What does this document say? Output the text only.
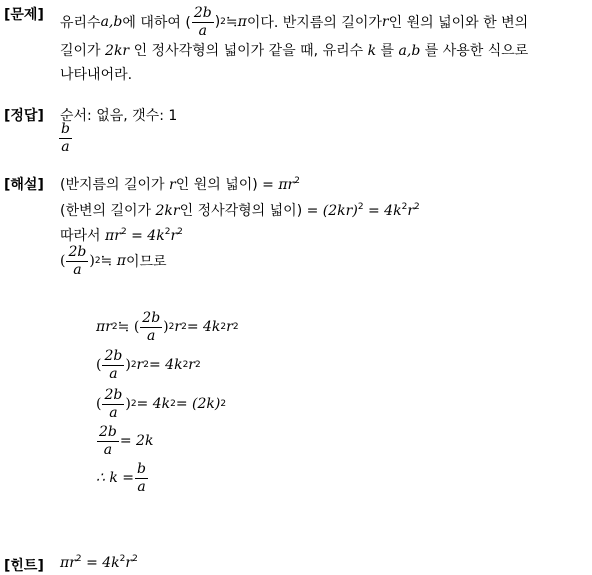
[문제] 유리수 a,b 에 대하여 ( $\frac{2b}{a}$ ) 2 ≒ π 이다. 반지름의 길이가 r 인 원의 넓이와 한 변의
길이가 2kr 인 정사각형의 넓이가 같을 때, 유리수 k 를 a,b 를 사용한 식으로
나타내어라.
[정답] 순서: 없음, 갯수: 1
$\frac{b}{a}$
[해설] (반지름의 길이가 r인 원의 넓이) = $\pi r^2$
(한변의 길이가 2kr인 정사각형의 넓이) = $(2kr)^2 = 4k^2r^2$
따라서 $\pi r^2 = 4k^2r^2$
( $\frac{2b}{a}$ ) 2 ≒ π 이므로
πr 2 ≒ ( $\frac{2b}{a}$ ) 2 r 2 = 4k 2 r 2
( $\frac{2b}{a}$ ) 2 r 2 = 4k 2 r 2
( $\frac{2b}{a}$ ) 2 = 4k 2 = (2k) 2
$\frac{2b}{a} = 2k$
∴ $k = \frac{b}{a}$
[힌트] $\pi r^2 = 4k^2r^2$
